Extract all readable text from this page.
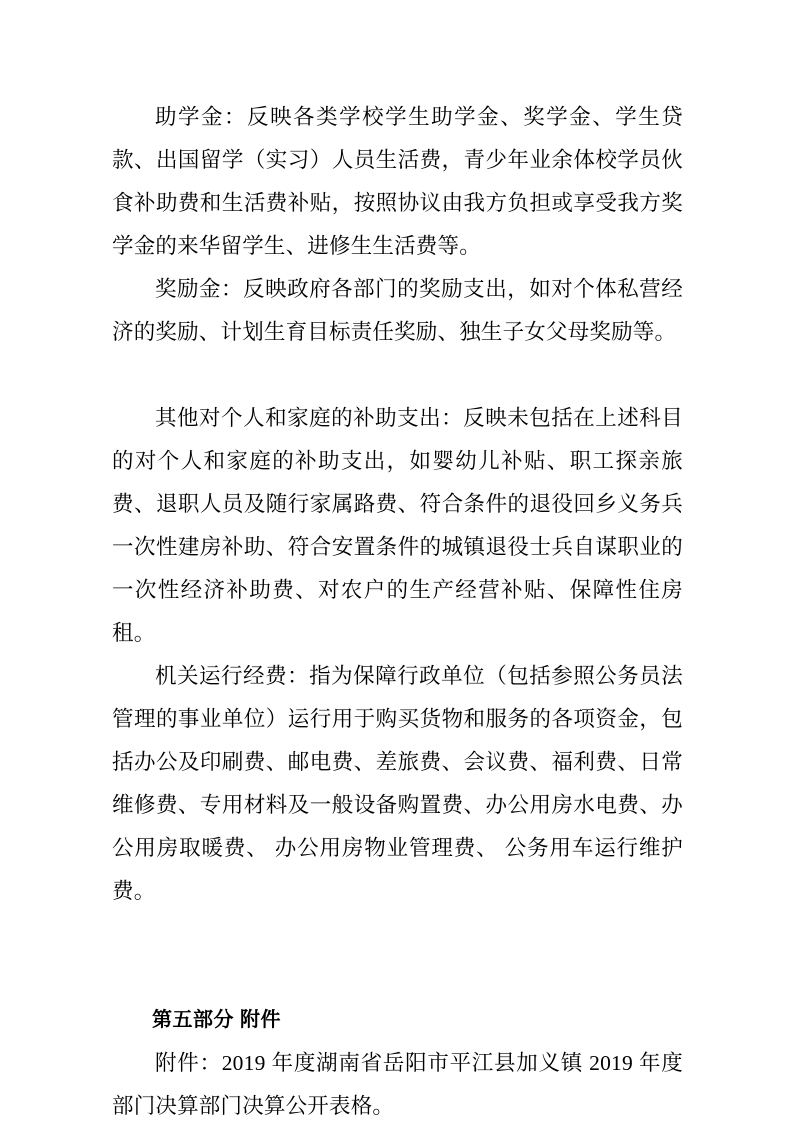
助学金：反映各类学校学生助学金、奖学金、学生贷款、出国留学（实习）人员生活费，青少年业余体校学员伙食补助费和生活费补贴，按照协议由我方负担或享受我方奖学金的来华留学生、进修生生活费等。

奖励金：反映政府各部门的奖励支出，如对个体私营经济的奖励、计划生育目标责任奖励、独生子女父母奖励等。

其他对个人和家庭的补助支出：反映未包括在上述科目的对个人和家庭的补助支出，如婴幼儿补贴、职工探亲旅费、退职人员及随行家属路费、符合条件的退役回乡义务兵一次性建房补助、符合安置条件的城镇退役士兵自谋职业的一次性经济补助费、对农户的生产经营补贴、保障性住房租。

机关运行经费：指为保障行政单位（包括参照公务员法管理的事业单位）运行用于购买货物和服务的各项资金，包括办公及印刷费、邮电费、差旅费、会议费、福利费、日常维修费、专用材料及一般设备购置费、办公用房水电费、办公用房取暖费、 办公用房物业管理费、 公务用车运行维护费。

第五部分 附件

附件：2019 年度湖南省岳阳市平江县加义镇 2019 年度部门决算部门决算公开表格。
